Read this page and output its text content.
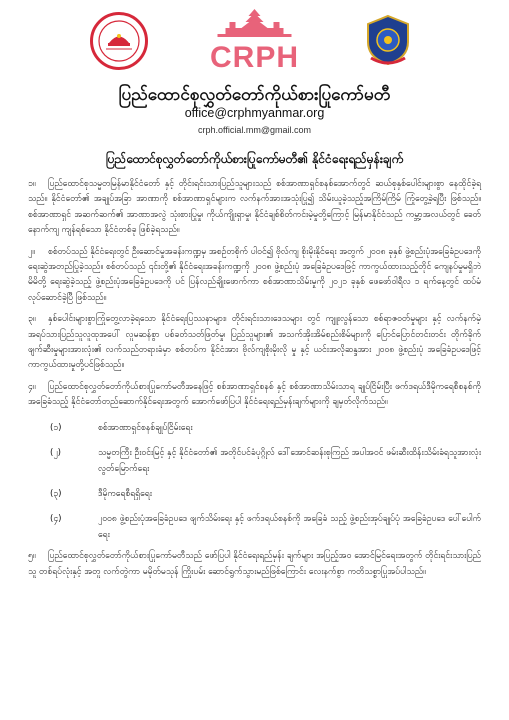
CRPH
ပြည်ထောင်စုလွှတ်တော်ကိုယ်စားပြုကော်မတီ
office@crphmyanmar.org
crph.official.mm@gmail.com
ပြည်ထောင်စုလွှတ်တော်ကိုယ်စားပြုကော်မတီ၏ နိုင်ငံရေးရည်မှန်းချက်
၁။ ပြည်ထောင်စုသမ္မတမြန်မာနိုင်ငံတော် နှင့် တိုင်းရင်းသားပြည်သူများသည် စစ်အာဏာရှင်စနစ်အောက်တွင် ဆယ်စုနှစ်ပေါင်းများစွာ နေထိုင်ခဲ့ရသည်။ နိုင်ငံတော်၏ အချုပ်အခြာ အာဏာကို စစ်အာဏာရှင်များက လက်နက်အားအသုံးပြု၍ သိမ်းယူခဲ့သည့်အကြိမ်ကြိမ် ကြုံတွေ့ခဲ့ရပြီး ဖြစ်သည်။ စစ်အာဏာရှင် အဆက်ဆက်၏ အာဏာအလွဲ သုံးစားပြုမှု၊ ကိုယ်ကျိုးရှာမှု၊ နိုင်ငံချစ်စိတ်ကင်းမဲ့မှုတို့ကြောင့် မြန်မာနိုင်ငံသည် ကမ္ဘာ့အလယ်တွင် ခေတ်နောက်ကျ ကျန်ရစ်သော နိုင်ငံတစ်ခု ဖြစ်ခဲ့ရသည်။
၂။ စစ်တပ်သည် နိုင်ငံရေးတွင် ဦးဆောင်မှုအခန်းကဏ္ဍမှ အစဉ်တစိုက် ပါဝင်၍ ဗိုလ်ကျ စိုးမိုးနိုင်ရေး အတွက် ၂၀၀၈ ခုနှစ် ဖွဲ့စည်းပုံအခြေခံဥပဒေကို ရေးဆွဲအတည်ပြုခဲ့သည်။ စစ်တပ်သည် ၎င်းတို့၏ နိုင်ငံရေးအခန်းကဏ္ဍကို ၂၀၀၈ ဖွဲ့စည်းပုံ အခြေခံဥပဒေဖြင့် ကာကွယ်ထားသည့်တိုင် ကျေနပ်မှုမရှိဘဲ မိမိတို့ ရေးဆွဲခဲ့သည့် ဖွဲ့စည်းပုံအခြေခံဥပဒေကို ပင် ပြန်လည်ချိုးဖောက်ကာ စစ်အာဏာသိမ်းမှုကို ၂၀၂၁ ခုနှစ် ဖေဖော်ဝါရီလ ၁ ရက်နေ့တွင် ထပ်မံလုပ်ဆောင်ခဲ့ပြီ ဖြစ်သည်။
၃။ နှစ်ပေါင်းများစွာကြုံတွေ့လာခဲ့ရသော နိုင်ငံရေးပြဿနာများ၊ တိုင်းရင်းသားဒေသများ တွင် ကျူးလွန်သော စစ်ရာဇဝတ်မှုများ နှင့် လက်နက်မဲ့ အရပ်သားပြည်သူလူထုအပေါ် လူမဆန်စွာ ပစ်ခတ်သတ်ဖြတ်မှု၊ ပြည်သူများ၏ အသက်အိုးအိမ်စည်းစိမ်များကို ပြောင်ပြောင်တင်းတင်း တိုက်ခိုက်ဖျက်ဆီးမှုများအားလုံး၏ လက်သည်တရားခံမှာ စစ်တပ်က နိုင်ငံအား ဗိုလ်ကျစိုးမိုးလို မှု နှင့် ယင်းအလိုဆန္ဒအား ၂၀၀၈ ဖွဲ့စည်းပုံ အခြေခံဥပဒေဖြင့် ကာကွယ်ထားမှုတို့ပင်ဖြစ်သည်။
၄။ ပြည်ထောင်စုလွှတ်တော်ကိုယ်စားပြုကော်မတီအနေဖြင့် စစ်အာဏာရှင်စနစ် နှင့် စစ်အာဏာသိမ်းသာရ ချုပ်ငြိမ်းပြီး ဖက်ဒရယ်ဒီမိုကရေစီစနစ်ကို အခြေခံသည့် နိုင်ငံတော်တည်ဆောက်နိုင်ရေးအတွက် အောက်ဖော်ပြပါ နိုင်ငံရေးရည်မှန်းချက်များကို ချမှတ်လိုက်သည်။
(၁)	စစ်အာဏာရှင်စနစ်ချုပ်ငြိမ်းရေး
(၂)	သမ္မတကြီး ဦးဝင်းမြင့် နှင့် နိုင်ငံတော်၏ အတိုင်ပင်ခံပုဂ္ဂိုလ် ဒေါ်အောင်ဆန်းစုကြည် အပါအဝင် ဖမ်းဆီးထိန်းသိမ်းခံရသူအားလုံး လွတ်မြောက်ရေး
(၃)	ဒီမိုကရေစီရရှိရေး
(၄)	၂၀၀၈ ဖွဲ့စည်းပုံအခြေခံဥပဒေ ဖျက်သိမ်းရေး နှင့် ဖက်ဒရယ်စနစ်ကို အခြေခံ သည့် ဖွဲ့စည်းအုပ်ချုပ်ပုံ အခြေခံဥပဒေ ပေါ်ပေါက်ရေး
၅။ ပြည်ထောင်စုလွှတ်တော်ကိုယ်စားပြုကော်မတီသည် ဖော်ပြပါ နိုင်ငံရေးရည်မှန်း ချက်များ အပြည့်အဝ အောင်မြင်ရေးအတွက် တိုင်းရင်းသားပြည်သူ တစ်ရပ်လုံးနှင့် အတူ လက်တွဲကာ မမိုတ်မသုန် ကြိုးပမ်း ဆောင်ရွက်သွားမည်ဖြစ်ကြောင်း လေးနက်စွာ ကတိသစ္စာပြုအပ်ပါသည်။
